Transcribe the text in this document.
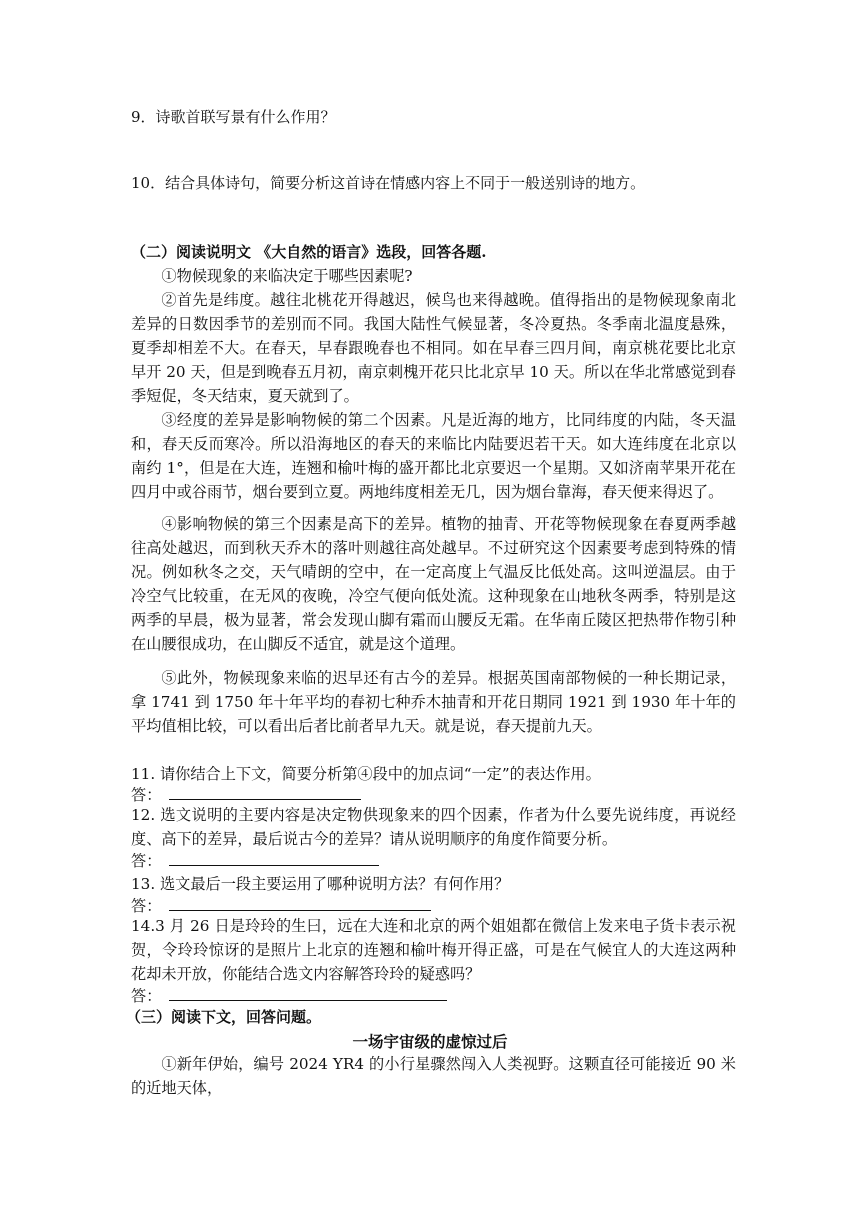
9．诗歌首联写景有什么作用？
10．结合具体诗句，简要分析这首诗在情感内容上不同于一般送别诗的地方。
（二）阅读说明文 《大自然的语言》选段，回答各题.
①物候现象的来临决定于哪些因素呢?
②首先是纬度。越往北桃花开得越迟，候鸟也来得越晚。值得指出的是物候现象南北差异的日数因季节的差别而不同。我国大陆性气候显著，冬冷夏热。冬季南北温度悬殊，夏季却相差不大。在春天，早春跟晚春也不相同。如在早春三四月间，南京桃花要比北京早开 20 天，但是到晚春五月初，南京刺槐开花只比北京早 10 天。所以在华北常感觉到春季短促，冬天结束，夏天就到了。
③经度的差异是影响物候的第二个因素。凡是近海的地方，比同纬度的内陆，冬天温和，春天反而寒冷。所以沿海地区的春天的来临比内陆要迟若干天。如大连纬度在北京以南约 1°，但是在大连，连翘和榆叶梅的盛开都比北京要迟一个星期。又如济南苹果开花在四月中或谷雨节，烟台要到立夏。两地纬度相差无几，因为烟台靠海，春天便来得迟了。
④影响物候的第三个因素是高下的差异。植物的抽青、开花等物候现象在春夏两季越往高处越迟，而到秋天乔木的落叶则越往高处越早。不过研究这个因素要考虑到特殊的情况。例如秋冬之交，天气晴朗的空中，在一定高度上气温反比低处高。这叫逆温层。由于冷空气比较重，在无风的夜晚，冷空气便向低处流。这种现象在山地秋冬两季，特别是这两季的早晨，极为显著，常会发现山脚有霜而山腰反无霜。在华南丘陵区把热带作物引种在山腰很成功，在山脚反不适宜，就是这个道理。
⑤此外，物候现象来临的迟早还有古今的差异。根据英国南部物候的一种长期记录，拿 1741 到 1750 年十年平均的春初七种乔木抽青和开花日期同 1921 到 1930 年十年的平均值相比较，可以看出后者比前者早九天。就是说，春天提前九天。
11. 请你结合上下文，简要分析第④段中的加点词“一定”的表达作用。
答：
12. 选文说明的主要内容是决定物供现象来的四个因素，作者为什么要先说纬度，再说经度、高下的差异，最后说古今的差异？请从说明顺序的角度作简要分析。
答：
13. 选文最后一段主要运用了哪种说明方法？有何作用？
答：
14.3 月 26 日是玲玲的生曰，远在大连和北京的两个姐姐都在微信上发来电子货卡表示祝 贺，令玲玲惊讶的是照片上北京的连翘和榆叶梅开得正盛，可是在气候宜人的大连这两种花却未开放，你能结合选文内容解答玲玲的疑惑吗？
答：
（三）阅读下文，回答问题。
一场宇宙级的虚惊过后
①新年伊始，编号 2024 YR4 的小行星骤然闯入人类视野。这颗直径可能接近 90 米的近地天体，
